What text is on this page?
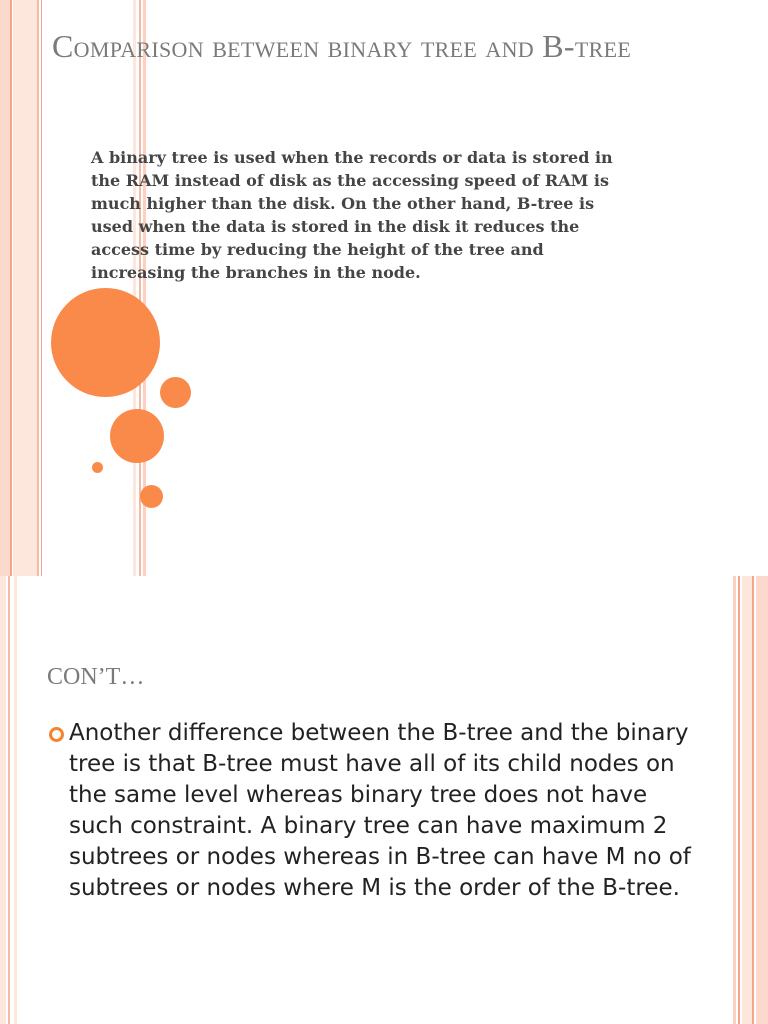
Comparison between binary tree and B-tree

A binary tree is used when the records or data is stored in the RAM instead of disk as the accessing speed of RAM is much higher than the disk. On the other hand, B-tree is used when the data is stored in the disk it reduces the access time by reducing the height of the tree and increasing the branches in the node.

CON’T…

Another difference between the B-tree and the binary tree is that B-tree must have all of its child nodes on the same level whereas binary tree does not have such constraint. A binary tree can have maximum 2 subtrees or nodes whereas in B-tree can have M no of subtrees or nodes where M is the order of the B-tree.
